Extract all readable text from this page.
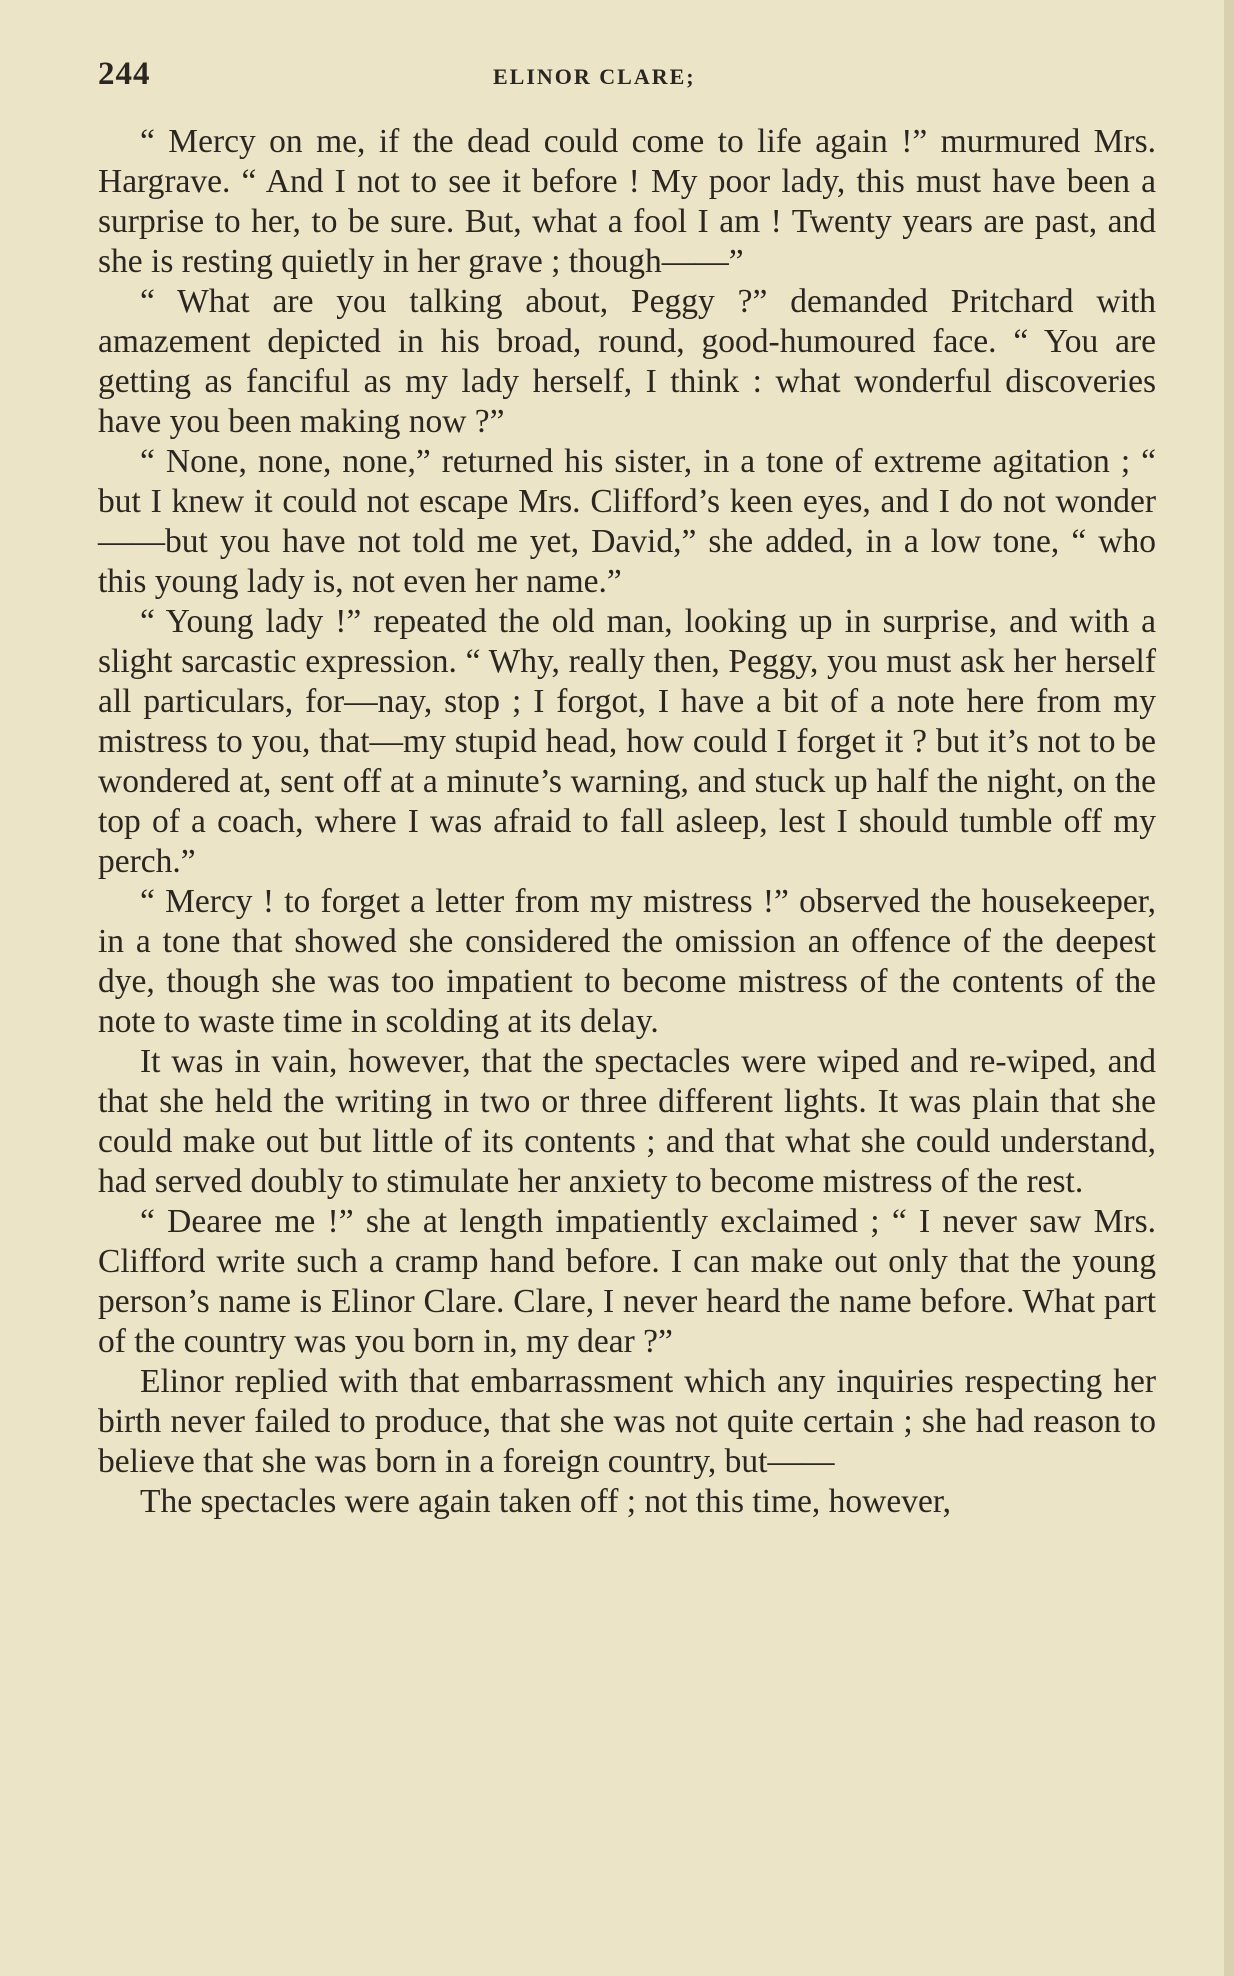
244	ELINOR CLARE;

“ Mercy on me, if the dead could come to life again !” murmured Mrs. Hargrave. “ And I not to see it before ! My poor lady, this must have been a surprise to her, to be sure. But, what a fool I am ! Twenty years are past, and she is resting quietly in her grave ; though——”

“ What are you talking about, Peggy ?” demanded Pritchard with amazement depicted in his broad, round, good-humoured face. “ You are getting as fanciful as my lady herself, I think : what wonderful discoveries have you been making now ?”

“ None, none, none,” returned his sister, in a tone of extreme agitation ; “ but I knew it could not escape Mrs. Clifford’s keen eyes, and I do not wonder——but you have not told me yet, David,” she added, in a low tone, “ who this young lady is, not even her name.”

“ Young lady !” repeated the old man, looking up in surprise, and with a slight sarcastic expression. “ Why, really then, Peggy, you must ask her herself all particulars, for—nay, stop ; I forgot, I have a bit of a note here from my mistress to you, that—my stupid head, how could I forget it ? but it’s not to be wondered at, sent off at a minute’s warning, and stuck up half the night, on the top of a coach, where I was afraid to fall asleep, lest I should tumble off my perch.”

“ Mercy ! to forget a letter from my mistress !” observed the housekeeper, in a tone that showed she considered the omission an offence of the deepest dye, though she was too impatient to become mistress of the contents of the note to waste time in scolding at its delay.

It was in vain, however, that the spectacles were wiped and re-wiped, and that she held the writing in two or three different lights. It was plain that she could make out but little of its contents ; and that what she could understand, had served doubly to stimulate her anxiety to become mistress of the rest.

“ Dearee me !” she at length impatiently exclaimed ; “ I never saw Mrs. Clifford write such a cramp hand before. I can make out only that the young person’s name is Elinor Clare. Clare, I never heard the name before. What part of the country was you born in, my dear ?”

Elinor replied with that embarrassment which any inquiries respecting her birth never failed to produce, that she was not quite certain ; she had reason to believe that she was born in a foreign country, but——

The spectacles were again taken off ; not this time, however,
